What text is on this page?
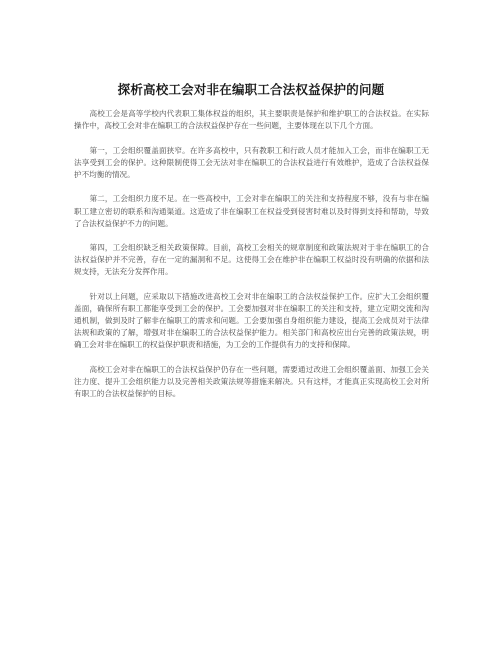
探析高校工会对非在编职工合法权益保护的问题

高校工会是高等学校内代表职工集体权益的组织，其主要职责是保护和维护职工的合法权益。在实际操作中，高校工会对非在编职工的合法权益保护存在一些问题，主要体现在以下几个方面。

第一，工会组织覆盖面狭窄。在许多高校中，只有教职工和行政人员才能加入工会，而非在编职工无法享受到工会的保护。这种限制使得工会无法对非在编职工的合法权益进行有效维护，造成了合法权益保护不均衡的情况。

第二，工会组织力度不足。在一些高校中，工会对非在编职工的关注和支持程度不够，没有与非在编职工建立密切的联系和沟通渠道。这造成了非在编职工在权益受到侵害时难以及时得到支持和帮助，导致了合法权益保护不力的问题。

第四，工会组织缺乏相关政策保障。目前，高校工会相关的规章制度和政策法规对于非在编职工的合法权益保护并不完善，存在一定的漏洞和不足。这使得工会在维护非在编职工权益时没有明确的依据和法规支持，无法充分发挥作用。

针对以上问题，应采取以下措施改进高校工会对非在编职工的合法权益保护工作。应扩大工会组织覆盖面，确保所有职工都能享受到工会的保护。工会要加强对非在编职工的关注和支持，建立定期交流和沟通机制，做到及时了解非在编职工的需求和问题。工会要加强自身组织能力建设，提高工会成员对于法律法规和政策的了解，增强对非在编职工的合法权益保护能力。相关部门和高校应出台完善的政策法规，明确工会对非在编职工的权益保护职责和措施，为工会的工作提供有力的支持和保障。

高校工会对非在编职工的合法权益保护仍存在一些问题，需要通过改进工会组织覆盖面、加强工会关注力度、提升工会组织能力以及完善相关政策法规等措施来解决。只有这样，才能真正实现高校工会对所有职工的合法权益保护的目标。
